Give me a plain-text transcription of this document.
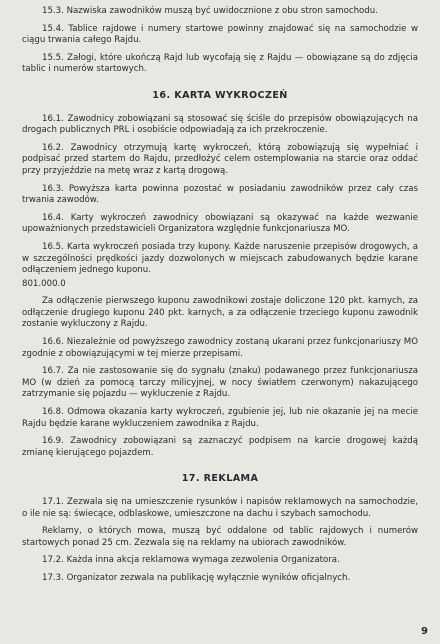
15.3. Nazwiska zawodników muszą być uwidocznione z obu stron samochodu.

15.4. Tablice rajdowe i numery startowe powinny znajdować się na samochodzie w ciągu trwania całego Rajdu.

15.5. Załogi, które ukończą Rajd lub wycofają się z Rajdu — obowiązane są do zdjęcia tablic i numerów startowych.

16. KARTA WYKROCZEŃ

16.1. Zawodnicy zobowiązani są stosować się ściśle do przepisów obowiązujących na drogach publicznych PRL i osobiście odpowiadają za ich przekroczenie.

16.2. Zawodnicy otrzymują kartę wykroczeń, którą zobowiązują się wypełniać i podpisać przed startem do Rajdu, przedłożyć celem ostemplowania na starcie oraz oddać przy przyjeździe na metę wraz z kartą drogową.

16.3. Powyższa karta powinna pozostać w posiadaniu zawodników przez cały czas trwania zawodów.

16.4. Karty wykroczeń zawodnicy obowiązani są okazywać na każde wezwanie upoważnionych przedstawicieli Organizatora względnie funkcjonariusza MO.

16.5. Karta wykroczeń posiada trzy kupony. Każde naruszenie przepisów drogowych, a w szczególności prędkości jazdy dozwolonych w miejscach zabudowanych będzie karane odłączeniem jednego kuponu.

801.000.0

Za odłączenie pierwszego kuponu zawodnikowi zostaje doliczone 120 pkt. karnych, za odłączenie drugiego kuponu 240 pkt. karnych, a za odłączenie trzeciego kuponu zawodnik zostanie wykluczony z Rajdu.

16.6. Niezależnie od powyższego zawodnicy zostaną ukarani przez funkcjonariuszy MO zgodnie z obowiązującymi w tej mierze przepisami.

16.7. Za nie zastosowanie się do sygnału (znaku) podawanego przez funkcjonariusza MO (w dzień za pomocą tarczy milicyjnej, w nocy światłem czerwonym) nakazującego zatrzymanie się pojazdu — wykluczenie z Rajdu.

16.8. Odmowa okazania karty wykroczeń, zgubienie jej, lub nie okazanie jej na mecie Rajdu będzie karane wykluczeniem zawodnika z Rajdu.

16.9. Zawodnicy zobowiązani są zaznaczyć podpisem na karcie drogowej każdą zmianę kierującego pojazdem.

17. REKLAMA

17.1. Zezwala się na umieszczenie rysunków i napisów reklamowych na samochodzie, o ile nie są: świecące, odblaskowe, umieszczone na dachu i szybach samochodu.

Reklamy, o których mowa, muszą być oddalone od tablic rajdowych i numerów startowych ponad 25 cm. Zezwala się na reklamy na ubiorach zawodników.

17.2. Każda inna akcja reklamowa wymaga zezwolenia Organizatora.

17.3. Organizator zezwala na publikację wyłącznie wyników oficjalnych.

9
